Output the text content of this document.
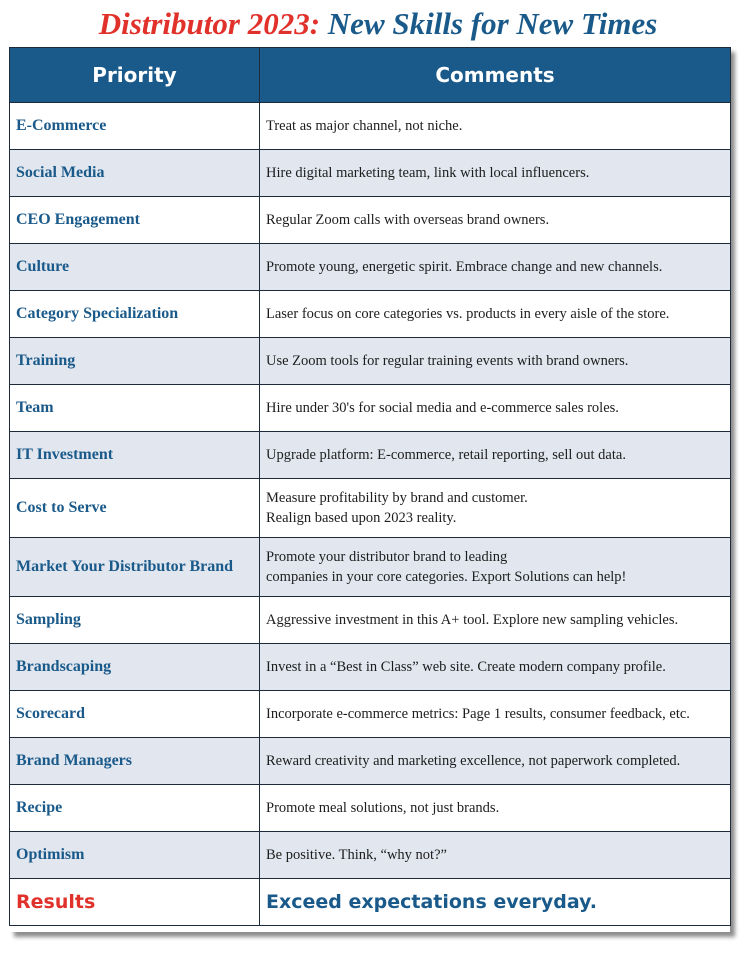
Distributor 2023: New Skills for New Times
Priority	Comments
E-Commerce	Treat as major channel, not niche.

Social Media	Hire digital marketing team, link with local influencers.

CEO Engagement	Regular Zoom calls with overseas brand owners.

Culture	Promote young, energetic spirit. Embrace change and new channels.

Category Specialization	Laser focus on core categories vs. products in every aisle of the store.

Training	Use Zoom tools for regular training events with brand owners.

Team	Hire under 30's for social media and e-commerce sales roles.

IT Investment	Upgrade platform: E-commerce, retail reporting, sell out data.

Cost to Serve	Measure profitability by brand and customer.
Realign based upon 2023 reality.

Market Your Distributor Brand	Promote your distributor brand to leading
companies in your core categories. Export Solutions can help!

Sampling	Aggressive investment in this A+ tool. Explore new sampling vehicles.

Brandscaping	Invest in a “Best in Class” web site. Create modern company profile.

Scorecard	Incorporate e-commerce metrics: Page 1 results, consumer feedback, etc.

Brand Managers	Reward creativity and marketing excellence, not paperwork completed.

Recipe	Promote meal solutions, not just brands.

Optimism	Be positive. Think, “why not?”

Results	Exceed expectations everyday.
